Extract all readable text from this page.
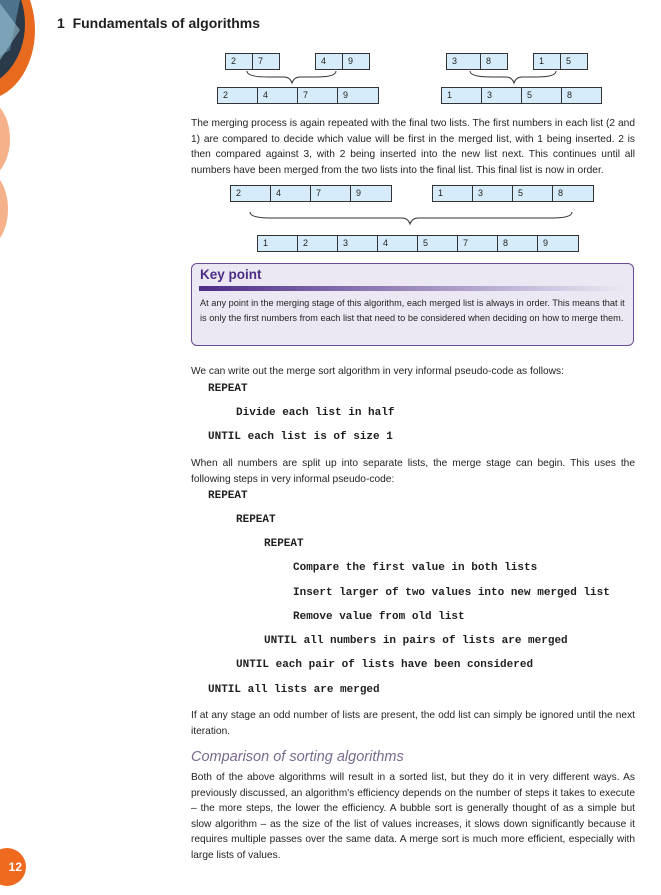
12
1 Fundamentals of algorithms
2	7	4	9	3	8	1	5
2	4	7	9	1	3	5	8
The merging process is again repeated with the final two lists. The first numbers in each list (2 and 1) are compared to decide which value will be first in the merged list, with 1 being inserted. 2 is then compared against 3, with 2 being inserted into the new list next. This continues until all numbers have been merged from the two lists into the final list. This final list is now in order.
2	4	7	9	1	3	5	8
1	2	3	4	5	7	8	9
Key point
At any point in the merging stage of this algorithm, each merged list is always in order. This means that it is only the first numbers from each list that need to be considered when deciding on how to merge them.
We can write out the merge sort algorithm in very informal pseudo-code as follows:
REPEAT
Divide each list in half
UNTIL each list is of size 1
When all numbers are split up into separate lists, the merge stage can begin. This uses the following steps in very informal pseudo-code:
REPEAT
REPEAT
REPEAT
Compare the first value in both lists
Insert larger of two values into new merged list
Remove value from old list
UNTIL all numbers in pairs of lists are merged
UNTIL each pair of lists have been considered
UNTIL all lists are merged
If at any stage an odd number of lists are present, the odd list can simply be ignored until the next iteration.
Comparison of sorting algorithms
Both of the above algorithms will result in a sorted list, but they do it in very different ways. As previously discussed, an algorithm's efficiency depends on the number of steps it takes to execute – the more steps, the lower the efficiency. A bubble sort is generally thought of as a simple but slow algorithm – as the size of the list of values increases, it slows down significantly because it requires multiple passes over the same data. A merge sort is much more efficient, especially with large lists of values.
